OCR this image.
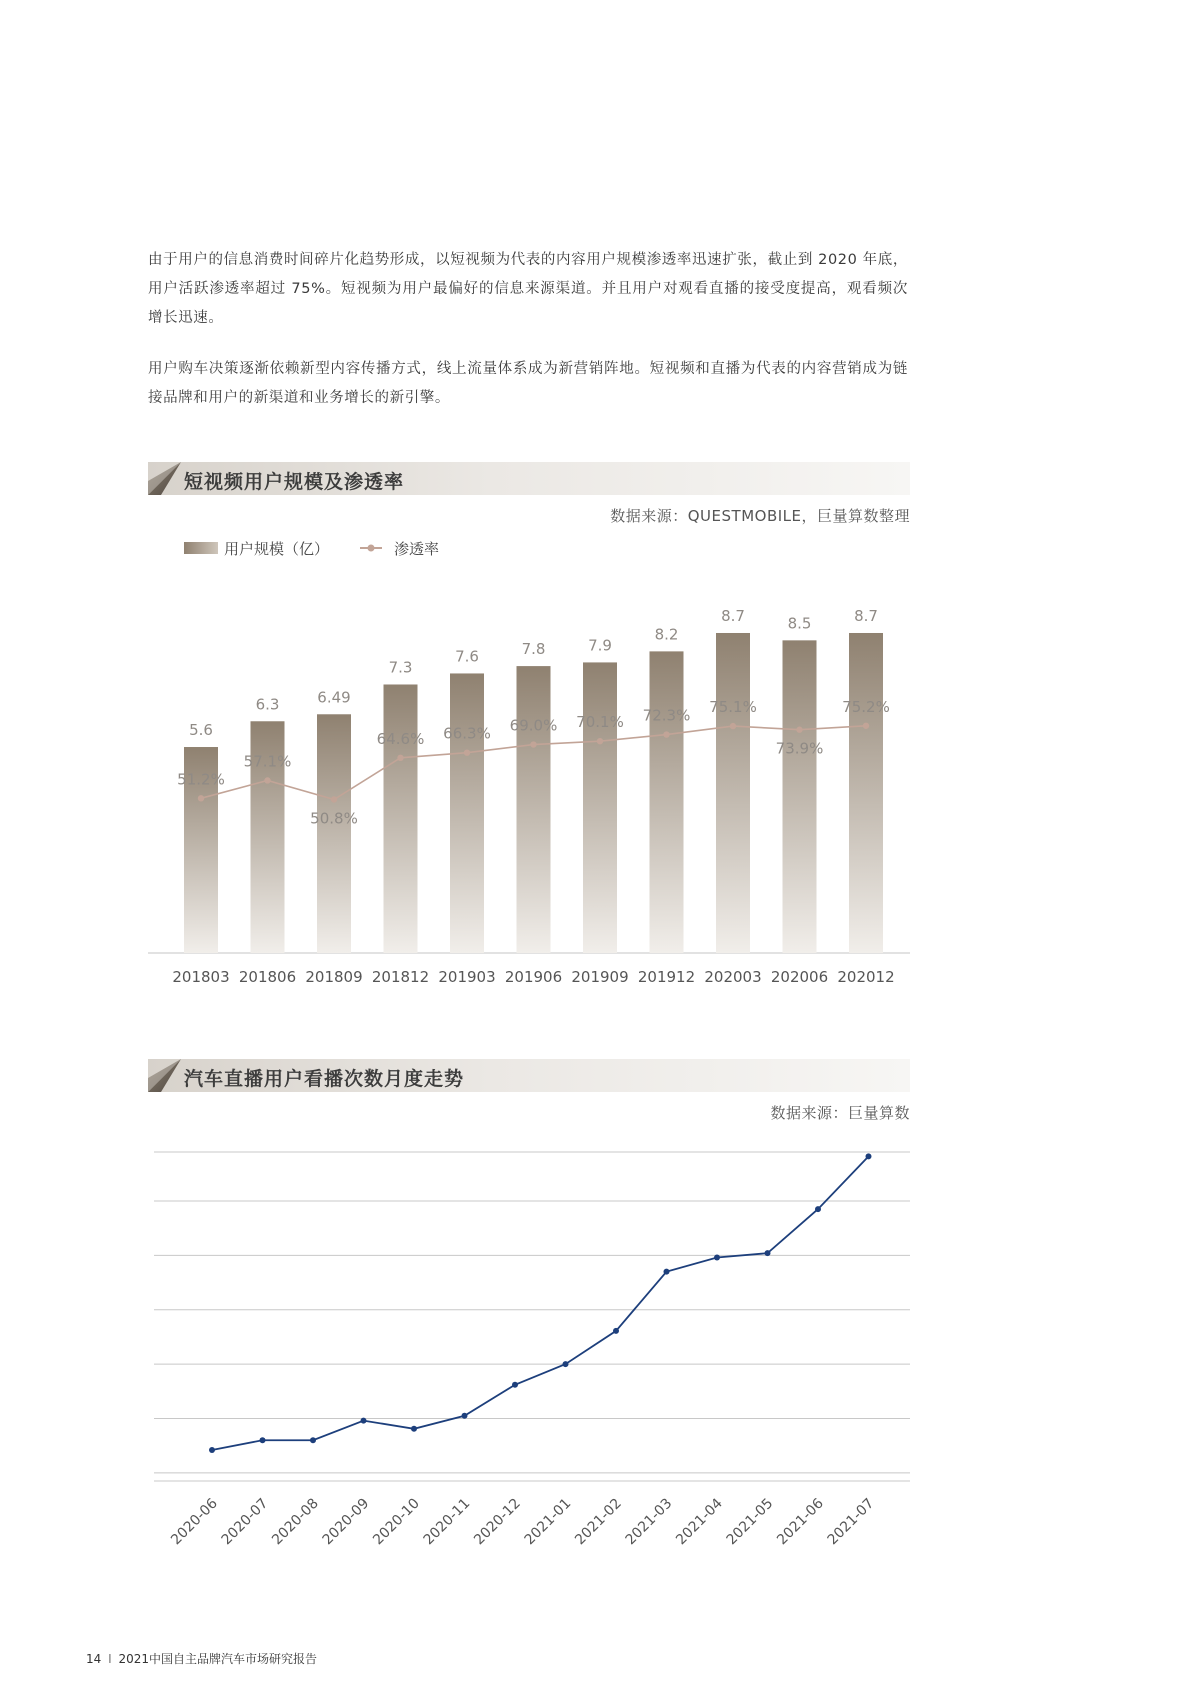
由于用户的信息消费时间碎片化趋势形成，以短视频为代表的内容用户规模渗透率迅速扩张，截止到 2020 年底，用户活跃渗透率超过 75%。短视频为用户最偏好的信息来源渠道。并且用户对观看直播的接受度提高，观看频次增长迅速。

用户购车决策逐渐依赖新型内容传播方式，线上流量体系成为新营销阵地。短视频和直播为代表的内容营销成为链接品牌和用户的新渠道和业务增长的新引擎。

短视频用户规模及渗透率
数据来源：QUESTMOBILE，巨量算数整理
用户规模（亿）	渗透率
5.6
6.3	6.49
7.3
7.6	7.8	7.9
8.2
8.7	8.5	8.7
51.2%
57.1%
50.8%
64.6% 66.3% 69.0% 70.1% 72.3% 75.1%
73.9%
75.2%
201803 201806 201809 201812 201903 201906 201909 201912 202003 202006 202012
汽车直播用户看播次数月度走势
数据来源：巨量算数
2020-06
2020-07
2020-08
2020-09
2020-10
2020-11
2020-12
2021-01
2021-02
2021-03
2021-04
2021-05
2021-06
2021-07
14 I 2021中国自主品牌汽车市场研究报告
